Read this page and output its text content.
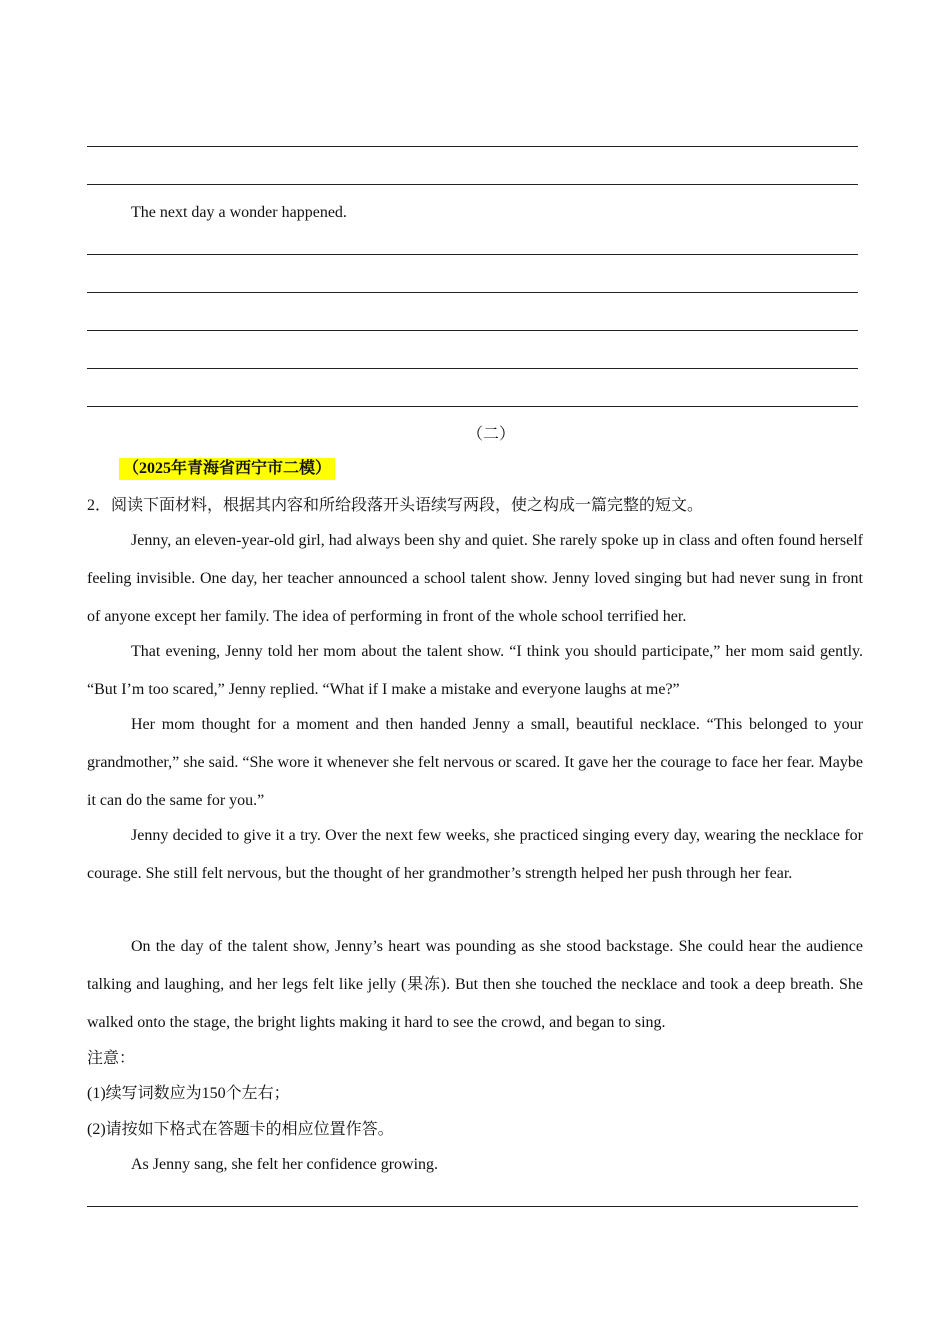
The next day a wonder happened.
（二）
（2025年青海省西宁市二模）
2．阅读下面材料，根据其内容和所给段落开头语续写两段，使之构成一篇完整的短文。

Jenny, an eleven-year-old girl, had always been shy and quiet. She rarely spoke up in class and often found herself feeling invisible. One day, her teacher announced a school talent show. Jenny loved singing but had never sung in front of anyone except her family. The idea of performing in front of the whole school terrified her.

That evening, Jenny told her mom about the talent show. “I think you should participate,” her mom said gently. “But I’m too scared,” Jenny replied. “What if I make a mistake and everyone laughs at me?”

Her mom thought for a moment and then handed Jenny a small, beautiful necklace. “This belonged to your grandmother,” she said. “She wore it whenever she felt nervous or scared. It gave her the courage to face her fear. Maybe it can do the same for you.”

Jenny decided to give it a try. Over the next few weeks, she practiced singing every day, wearing the necklace for courage. She still felt nervous, but the thought of her grandmother’s strength helped her push through her fear.

On the day of the talent show, Jenny’s heart was pounding as she stood backstage. She could hear the audience talking and laughing, and her legs felt like jelly (果冻). But then she touched the necklace and took a deep breath. She walked onto the stage, the bright lights making it hard to see the crowd, and began to sing.

注意：
(1)续写词数应为150个左右；
(2)请按如下格式在答题卡的相应位置作答。
As Jenny sang, she felt her confidence growing.
